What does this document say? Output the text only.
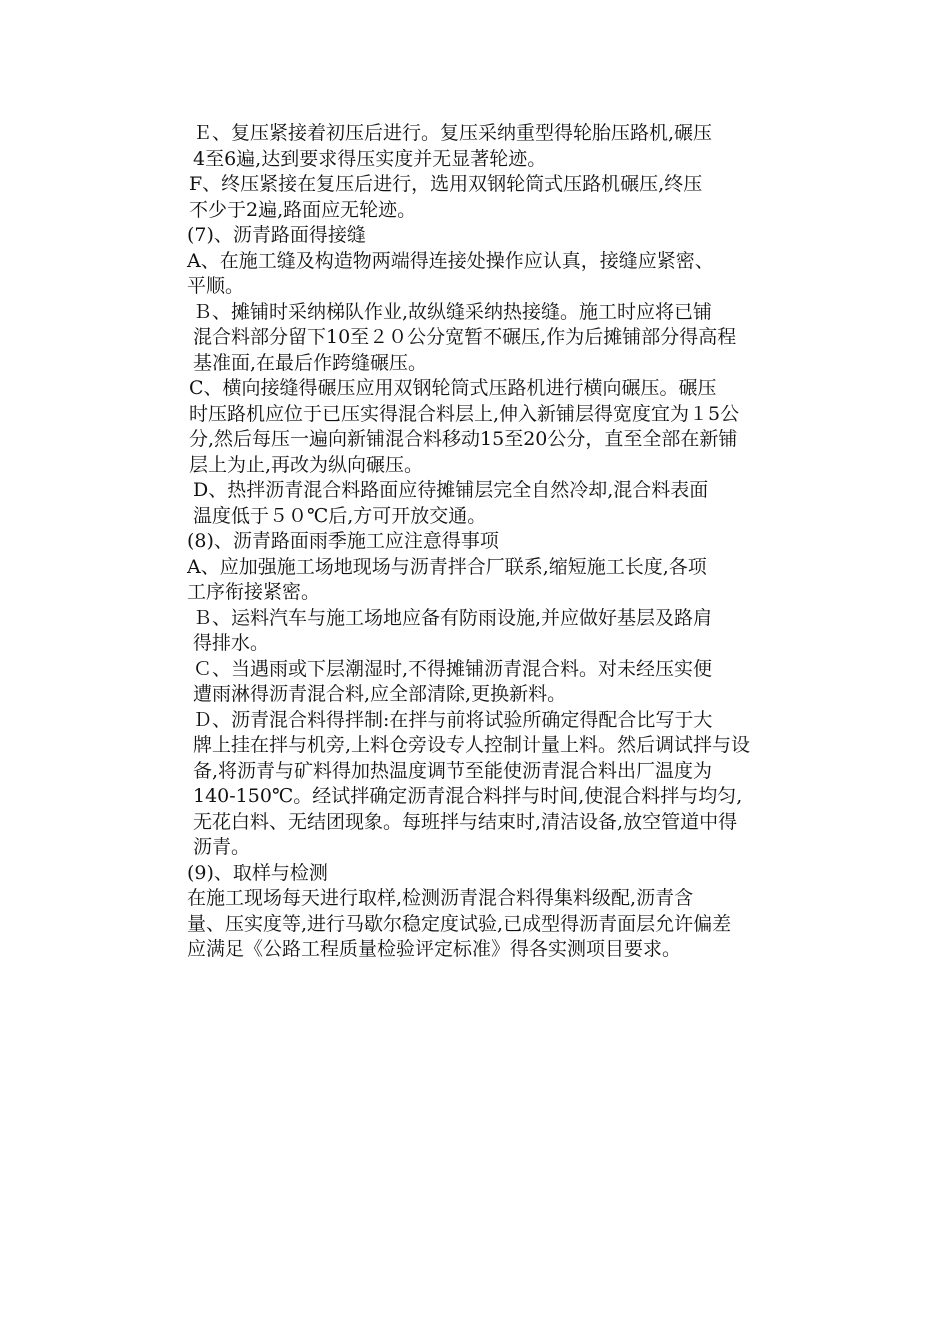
Ｅ、复压紧接着初压后进行。复压采纳重型得轮胎压路机,碾压
4至6遍,达到要求得压实度并无显著轮迹。

F、终压紧接在复压后进行，选用双钢轮筒式压路机碾压,终压
不少于2遍,路面应无轮迹。

(7)、沥青路面得接缝

A、在施工缝及构造物两端得连接处操作应认真，接缝应紧密、
平顺。

Ｂ、摊铺时采纳梯队作业,故纵缝采纳热接缝。施工时应将已铺
混合料部分留下10至２０公分宽暂不碾压,作为后摊铺部分得高程
基准面,在最后作跨缝碾压。

C、横向接缝得碾压应用双钢轮筒式压路机进行横向碾压。碾压
时压路机应位于已压实得混合料层上,伸入新铺层得宽度宜为１5公
分,然后每压一遍向新铺混合料移动15至20公分，直至全部在新铺
层上为止,再改为纵向碾压。

D、热拌沥青混合料路面应待摊铺层完全自然冷却,混合料表面
温度低于５０℃后,方可开放交通。

(8)、沥青路面雨季施工应注意得事项

A、应加强施工场地现场与沥青拌合厂联系,缩短施工长度,各项
工序衔接紧密。

Ｂ、运料汽车与施工场地应备有防雨设施,并应做好基层及路肩
得排水。

Ｃ、当遇雨或下层潮湿时,不得摊铺沥青混合料。对未经压实便
遭雨淋得沥青混合料,应全部清除,更换新料。

Ｄ、沥青混合料得拌制:在拌与前将试验所确定得配合比写于大
牌上挂在拌与机旁,上料仓旁设专人控制计量上料。然后调试拌与设
备,将沥青与矿料得加热温度调节至能使沥青混合料出厂温度为
140-150℃。经试拌确定沥青混合料拌与时间,使混合料拌与均匀,
无花白料、无结团现象。每班拌与结束时,清洁设备,放空管道中得
沥青。

(9)、取样与检测

在施工现场每天进行取样,检测沥青混合料得集料级配,沥青含
量、压实度等,进行马歇尔稳定度试验,已成型得沥青面层允许偏差
应满足《公路工程质量检验评定标准》得各实测项目要求。
